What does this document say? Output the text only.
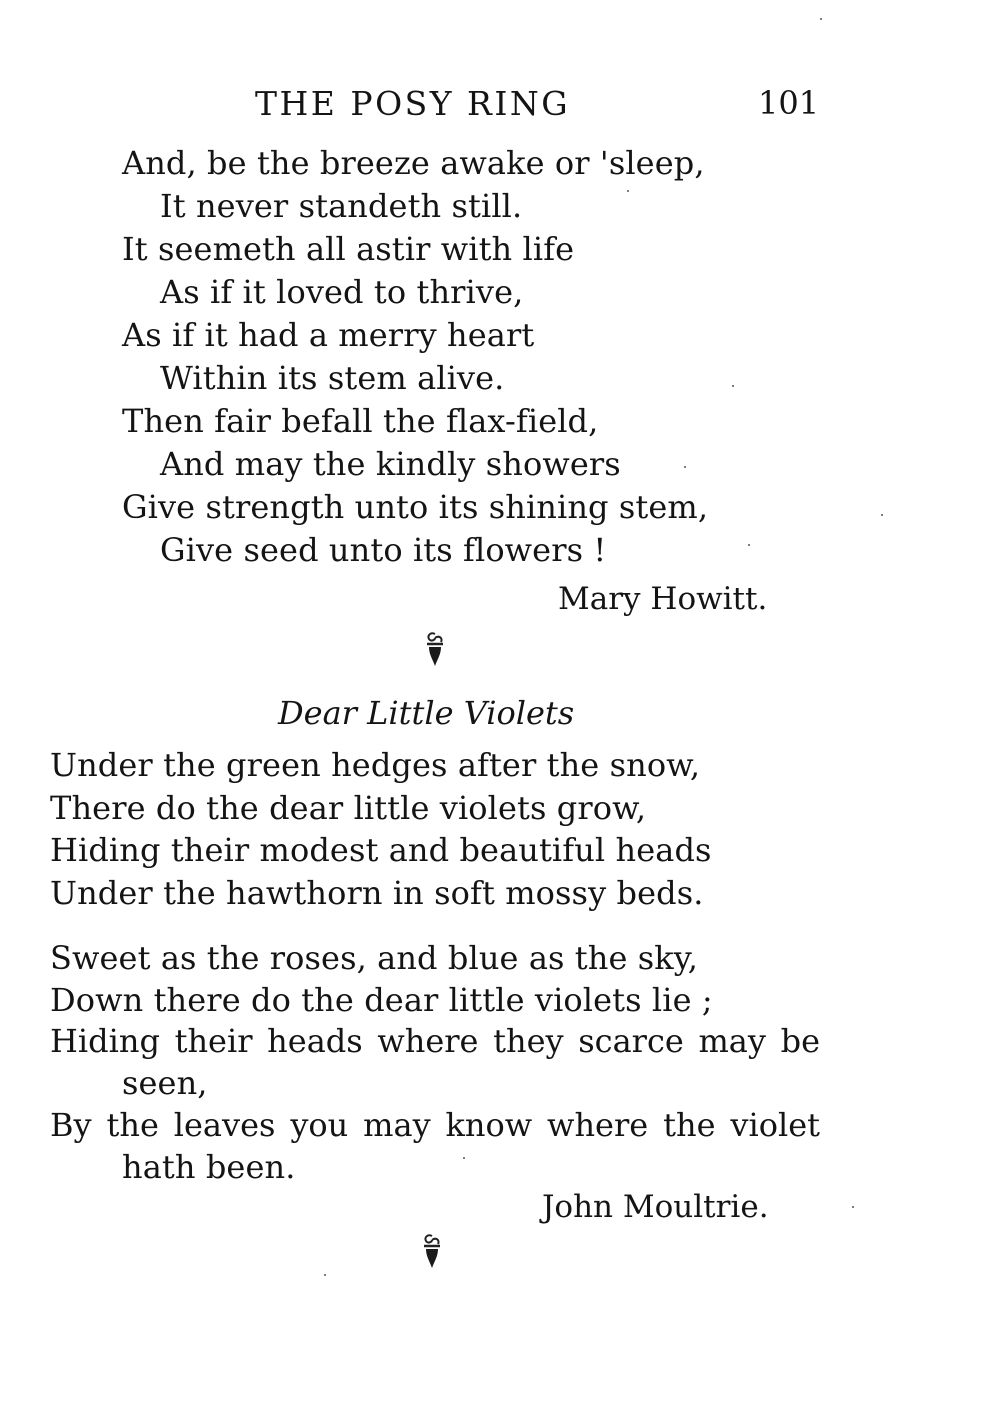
THE POSY RING	101
And, be the breeze awake or 'sleep,
It never standeth still.
It seemeth all astir with life
As if it loved to thrive,
As if it had a merry heart
Within its stem alive.
Then fair befall the flax-field,
And may the kindly showers
Give strength unto its shining stem,
Give seed unto its flowers !
Mary Howitt.
Dear Little Violets
Under the green hedges after the snow,
There do the dear little violets grow,
Hiding their modest and beautiful heads
Under the hawthorn in soft mossy beds.
Sweet as the roses, and blue as the sky,
Down there do the dear little violets lie ;
Hiding their heads where they scarce may be
seen,
By the leaves you may know where the violet
hath been.
John Moultrie.
